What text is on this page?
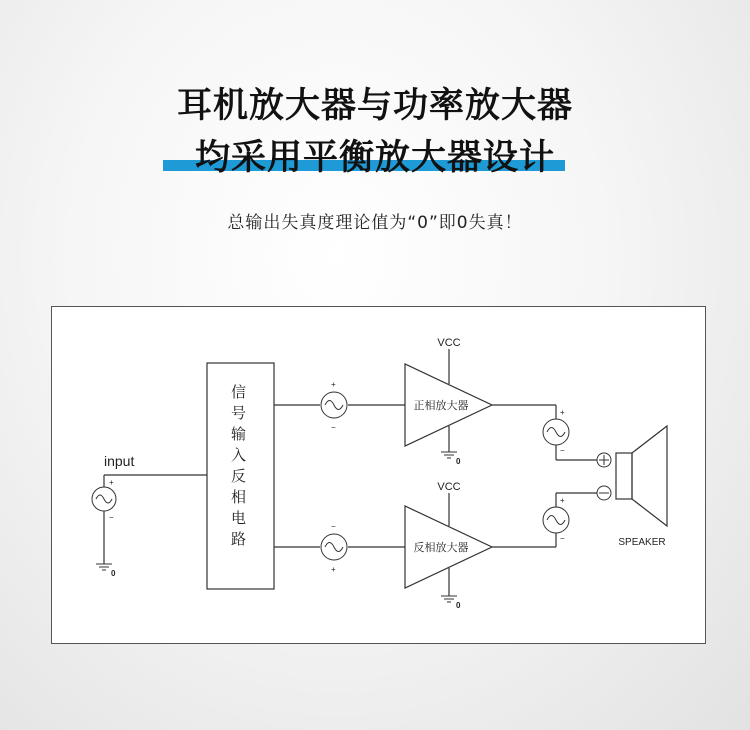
耳机放大器与功率放大器
均采用平衡放大器设计
总输出失真度理论值为“0”即0失真！
+
−
+
−
−
+
+
−
+
−
input
VCC
VCC
正相放大器
反相放大器
0
0
0
SPEAKER
信号输入反相电路
